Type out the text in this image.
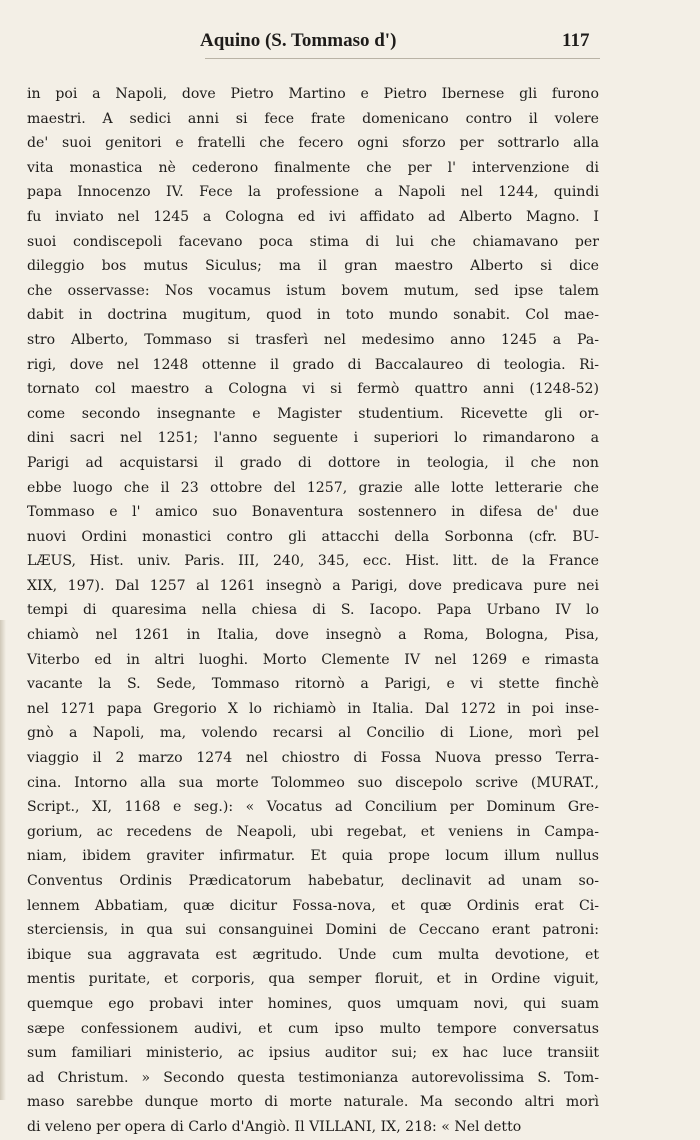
Aquino (S. Tommaso d')	117
in poi a Napoli, dove Pietro Martino e Pietro Ibernese gli furono
maestri. A sedici anni si fece frate domenicano contro il volere
de' suoi genitori e fratelli che fecero ogni sforzo per sottrarlo alla
vita monastica nè cederono finalmente che per l' intervenzione di
papa Innocenzo IV. Fece la professione a Napoli nel 1244, quindi
fu inviato nel 1245 a Cologna ed ivi affidato ad Alberto Magno. I
suoi condiscepoli facevano poca stima di lui che chiamavano per
dileggio bos mutus Siculus; ma il gran maestro Alberto si dice
che osservasse: Nos vocamus istum bovem mutum, sed ipse talem
dabit in doctrina mugitum, quod in toto mundo sonabit. Col mae-
stro Alberto, Tommaso si trasferì nel medesimo anno 1245 a Pa-
rigi, dove nel 1248 ottenne il grado di Baccalaureo di teologia. Ri-
tornato col maestro a Cologna vi si fermò quattro anni (1248-52)
come secondo insegnante e Magister studentium. Ricevette gli or-
dini sacri nel 1251; l'anno seguente i superiori lo rimandarono a
Parigi ad acquistarsi il grado di dottore in teologia, il che non
ebbe luogo che il 23 ottobre del 1257, grazie alle lotte letterarie che
Tommaso e l' amico suo Bonaventura sostennero in difesa de' due
nuovi Ordini monastici contro gli attacchi della Sorbonna (cfr. BU-
LÆUS, Hist. univ. Paris. III, 240, 345, ecc. Hist. litt. de la France
XIX, 197). Dal 1257 al 1261 insegnò a Parigi, dove predicava pure nei
tempi di quaresima nella chiesa di S. Iacopo. Papa Urbano IV lo
chiamò nel 1261 in Italia, dove insegnò a Roma, Bologna, Pisa,
Viterbo ed in altri luoghi. Morto Clemente IV nel 1269 e rimasta
vacante la S. Sede, Tommaso ritornò a Parigi, e vi stette finchè
nel 1271 papa Gregorio X lo richiamò in Italia. Dal 1272 in poi inse-
gnò a Napoli, ma, volendo recarsi al Concilio di Lione, morì pel
viaggio il 2 marzo 1274 nel chiostro di Fossa Nuova presso Terra-
cina. Intorno alla sua morte Tolommeo suo discepolo scrive (MURAT.,
Script., XI, 1168 e seg.): « Vocatus ad Concilium per Dominum Gre-
gorium, ac recedens de Neapoli, ubi regebat, et veniens in Campa-
niam, ibidem graviter infirmatur. Et quia prope locum illum nullus
Conventus Ordinis Prædicatorum habebatur, declinavit ad unam so-
lennem Abbatiam, quæ dicitur Fossa-nova, et quæ Ordinis erat Ci-
sterciensis, in qua sui consanguinei Domini de Ceccano erant patroni:
ibique sua aggravata est ægritudo. Unde cum multa devotione, et
mentis puritate, et corporis, qua semper floruit, et in Ordine viguit,
quemque ego probavi inter homines, quos umquam novi, qui suam
sæpe confessionem audivi, et cum ipso multo tempore conversatus
sum familiari ministerio, ac ipsius auditor sui; ex hac luce transiit
ad Christum. » Secondo questa testimonianza autorevolissima S. Tom-
maso sarebbe dunque morto di morte naturale. Ma secondo altri morì
di veleno per opera di Carlo d'Angiò. Il VILLANI, IX, 218: « Nel detto
